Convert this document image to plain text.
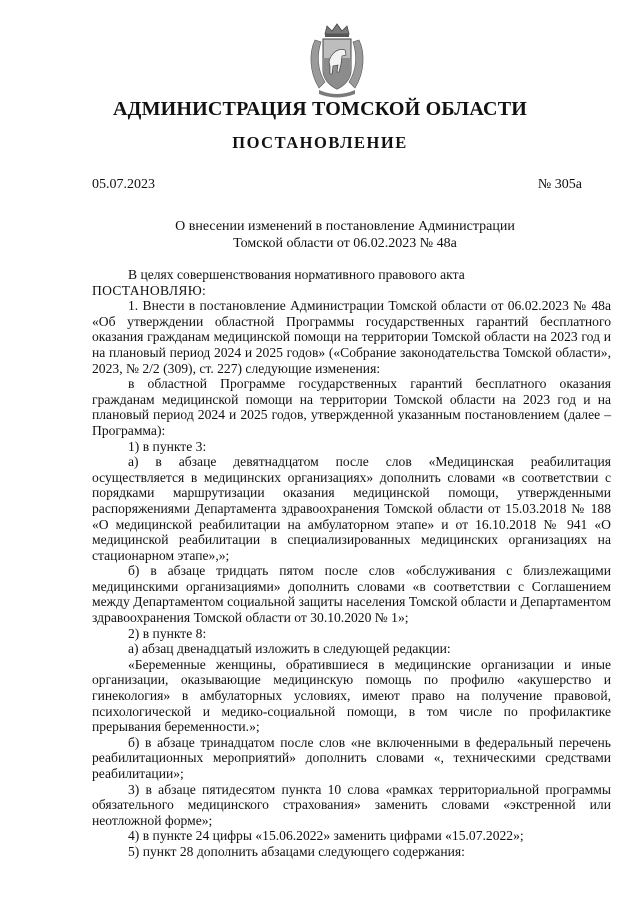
АДМИНИСТРАЦИЯ ТОМСКОЙ ОБЛАСТИ
ПОСТАНОВЛЕНИЕ
05.07.2023	№ 305а
О внесении изменений в постановление Администрации
Томской области от 06.02.2023 № 48а

В целях совершенствования нормативного правового акта

ПОСТАНОВЛЯЮ:

1. Внести в постановление Администрации Томской области от 06.02.2023 № 48а «Об утверждении областной Программы государственных гарантий бесплатного оказания гражданам медицинской помощи на территории Томской области на 2023 год и на плановый период 2024 и 2025 годов» («Собрание законодательства Томской области», 2023, № 2/2 (309), ст. 227) следующие изменения:

в областной Программе государственных гарантий бесплатного оказания гражданам медицинской помощи на территории Томской области на 2023 год и на плановый период 2024 и 2025 годов, утвержденной указанным постановлением (далее – Программа):

1) в пункте 3:

а) в абзаце девятнадцатом после слов «Медицинская реабилитация осуществляется в медицинских организациях» дополнить словами «в соответствии с порядками маршрутизации оказания медицинской помощи, утвержденными распоряжениями Департамента здравоохранения Томской области от 15.03.2018 № 188 «О медицинской реабилитации на амбулаторном этапе» и от 16.10.2018 № 941 «О медицинской реабилитации в специализированных медицинских организациях на стационарном этапе»,»;

б) в абзаце тридцать пятом после слов «обслуживания с близлежащими медицинскими организациями» дополнить словами «в соответствии с Соглашением между Департаментом социальной защиты населения Томской области и Департаментом здравоохранения Томской области от 30.10.2020 № 1»;

2) в пункте 8:

а) абзац двенадцатый изложить в следующей редакции:

«Беременные женщины, обратившиеся в медицинские организации и иные организации, оказывающие медицинскую помощь по профилю «акушерство и гинекология» в амбулаторных условиях, имеют право на получение правовой, психологической и медико-социальной помощи, в том числе по профилактике прерывания беременности.»;

б) в абзаце тринадцатом после слов «не включенными в федеральный перечень реабилитационных мероприятий» дополнить словами «, техническими средствами реабилитации»;

3) в абзаце пятидесятом пункта 10 слова «рамках территориальной программы обязательного медицинского страхования» заменить словами «экстренной или неотложной форме»;

4) в пункте 24 цифры «15.06.2022» заменить цифрами «15.07.2022»;

5) пункт 28 дополнить абзацами следующего содержания:
